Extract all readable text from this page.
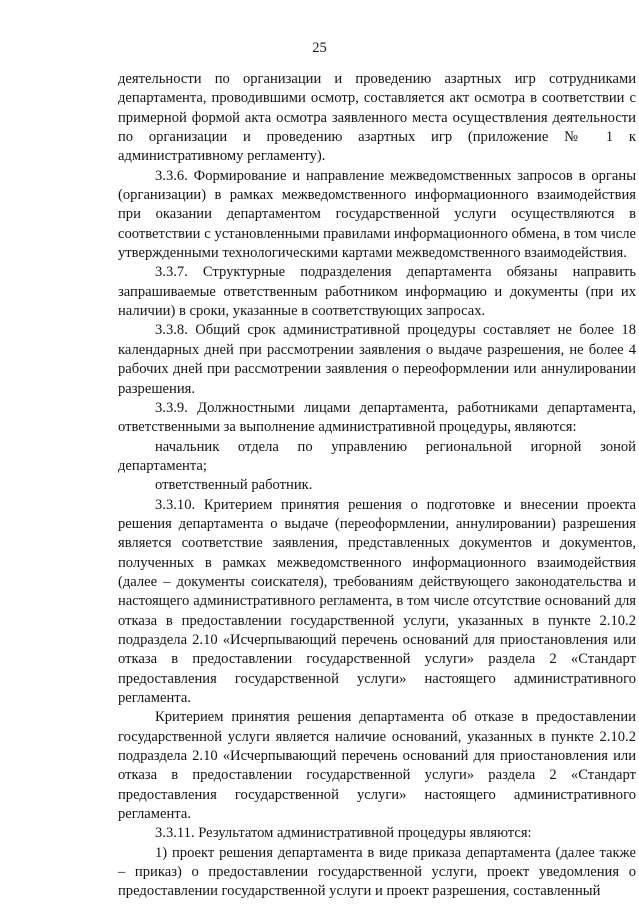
25

деятельности по организации и проведению азартных игр сотрудниками департамента, проводившими осмотр, составляется акт осмотра в соответствии с примерной формой акта осмотра заявленного места осуществления деятельности по организации и проведению азартных игр (приложение № 1 к административному регламенту).

3.3.6. Формирование и направление межведомственных запросов в органы (организации) в рамках межведомственного информационного взаимодействия при оказании департаментом государственной услуги осуществляются в соответствии с установленными правилами информационного обмена, в том числе утвержденными технологическими картами межведомственного взаимодействия.

3.3.7. Структурные подразделения департамента обязаны направить запрашиваемые ответственным работником информацию и документы (при их наличии) в сроки, указанные в соответствующих запросах.

3.3.8. Общий срок административной процедуры составляет не более 18 календарных дней при рассмотрении заявления о выдаче разрешения, не более 4 рабочих дней при рассмотрении заявления о переоформлении или аннулировании разрешения.

3.3.9. Должностными лицами департамента, работниками департамента, ответственными за выполнение административной процедуры, являются:

начальник отдела по управлению региональной игорной зоной департамента;

ответственный работник.

3.3.10. Критерием принятия решения о подготовке и внесении проекта решения департамента о выдаче (переоформлении, аннулировании) разрешения является соответствие заявления, представленных документов и документов, полученных в рамках межведомственного информационного взаимодействия (далее – документы соискателя), требованиям действующего законодательства и настоящего административного регламента, в том числе отсутствие оснований для отказа в предоставлении государственной услуги, указанных в пункте 2.10.2 подраздела 2.10 «Исчерпывающий перечень оснований для приостановления или отказа в предоставлении государственной услуги» раздела 2 «Стандарт предоставления государственной услуги» настоящего административного регламента.

Критерием принятия решения департамента об отказе в предоставлении государственной услуги является наличие оснований, указанных в пункте 2.10.2 подраздела 2.10 «Исчерпывающий перечень оснований для приостановления или отказа в предоставлении государственной услуги» раздела 2 «Стандарт предоставления государственной услуги» настоящего административного регламента.

3.3.11. Результатом административной процедуры являются:

1) проект решения департамента в виде приказа департамента (далее также – приказ) о предоставлении государственной услуги, проект уведомления о предоставлении государственной услуги и проект разрешения, составленный
